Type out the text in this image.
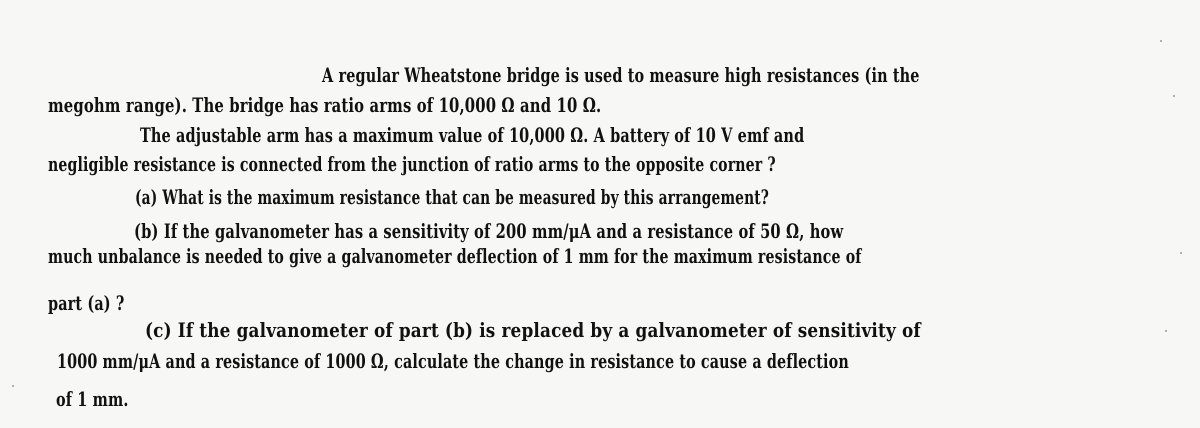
A regular Wheatstone bridge is used to measure high resistances (in the
megohm range). The bridge has ratio arms of 10,000 Ω and 10 Ω.
The adjustable arm has a maximum value of 10,000 Ω. A battery of 10 V emf and
negligible resistance is connected from the junction of ratio arms to the opposite corner ?
(a) What is the maximum resistance that can be measured by this arrangement?
(b) If the galvanometer has a sensitivity of 200 mm/μA and a resistance of 50 Ω, how
much unbalance is needed to give a galvanometer deflection of 1 mm for the maximum resistance of
part (a) ?
(c) If the galvanometer of part (b) is replaced by a galvanometer of sensitivity of
1000 mm/μA and a resistance of 1000 Ω, calculate the change in resistance to cause a deflection
of 1 mm.
